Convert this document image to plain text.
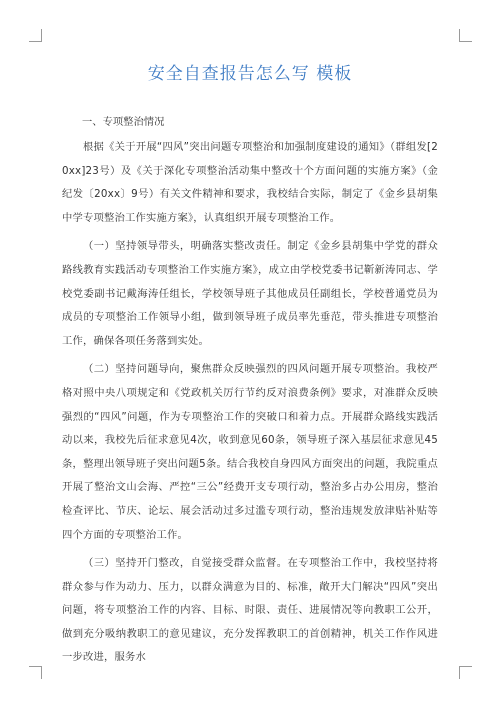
安全自查报告怎么写 模板
一、专项整治情况

根据《关于开展“四风”突出问题专项整治和加强制度建设的通知》（群组发[20xx]23号）及《关于深化专项整治活动集中整改十个方面问题的实施方案》（金纪发〔20xx〕9号）有关文件精神和要求，我校结合实际，制定了《金乡县胡集中学专项整治工作实施方案》，认真组织开展专项整治工作。

（一）坚持领导带头，明确落实整改责任。制定《金乡县胡集中学党的群众路线教育实践活动专项整治工作实施方案》，成立由学校党委书记靳新涛同志、学校党委副书记戴海涛任组长，学校领导班子其他成员任副组长，学校普通党员为成员的专项整治工作领导小组，做到领导班子成员率先垂范，带头推进专项整治工作，确保各项任务落到实处。

（二）坚持问题导向，聚焦群众反映强烈的四风问题开展专项整治。我校严格对照中央八项规定和《党政机关厉行节约反对浪费条例》要求，对准群众反映强烈的“四风”问题，作为专项整治工作的突破口和着力点。开展群众路线实践活动以来，我校先后征求意见4次，收到意见60条，领导班子深入基层征求意见45条，整理出领导班子突出问题5条。结合我校自身四风方面突出的问题，我院重点开展了整治文山会海、严控“三公”经费开支专项行动，整治多占办公用房，整治检查评比、节庆、论坛、展会活动过多过滥专项行动，整治违规发放津贴补贴等四个方面的专项整治工作。

（三）坚持开门整改，自觉接受群众监督。在专项整治工作中，我校坚持将群众参与作为动力、压力，以群众满意为目的、标准，敞开大门解决“四风”突出问题，将专项整治工作的内容、目标、时限、责任、进展情况等向教职工公开，做到充分吸纳教职工的意见建议，充分发挥教职工的首创精神，机关工作作风进一步改进，服务水
